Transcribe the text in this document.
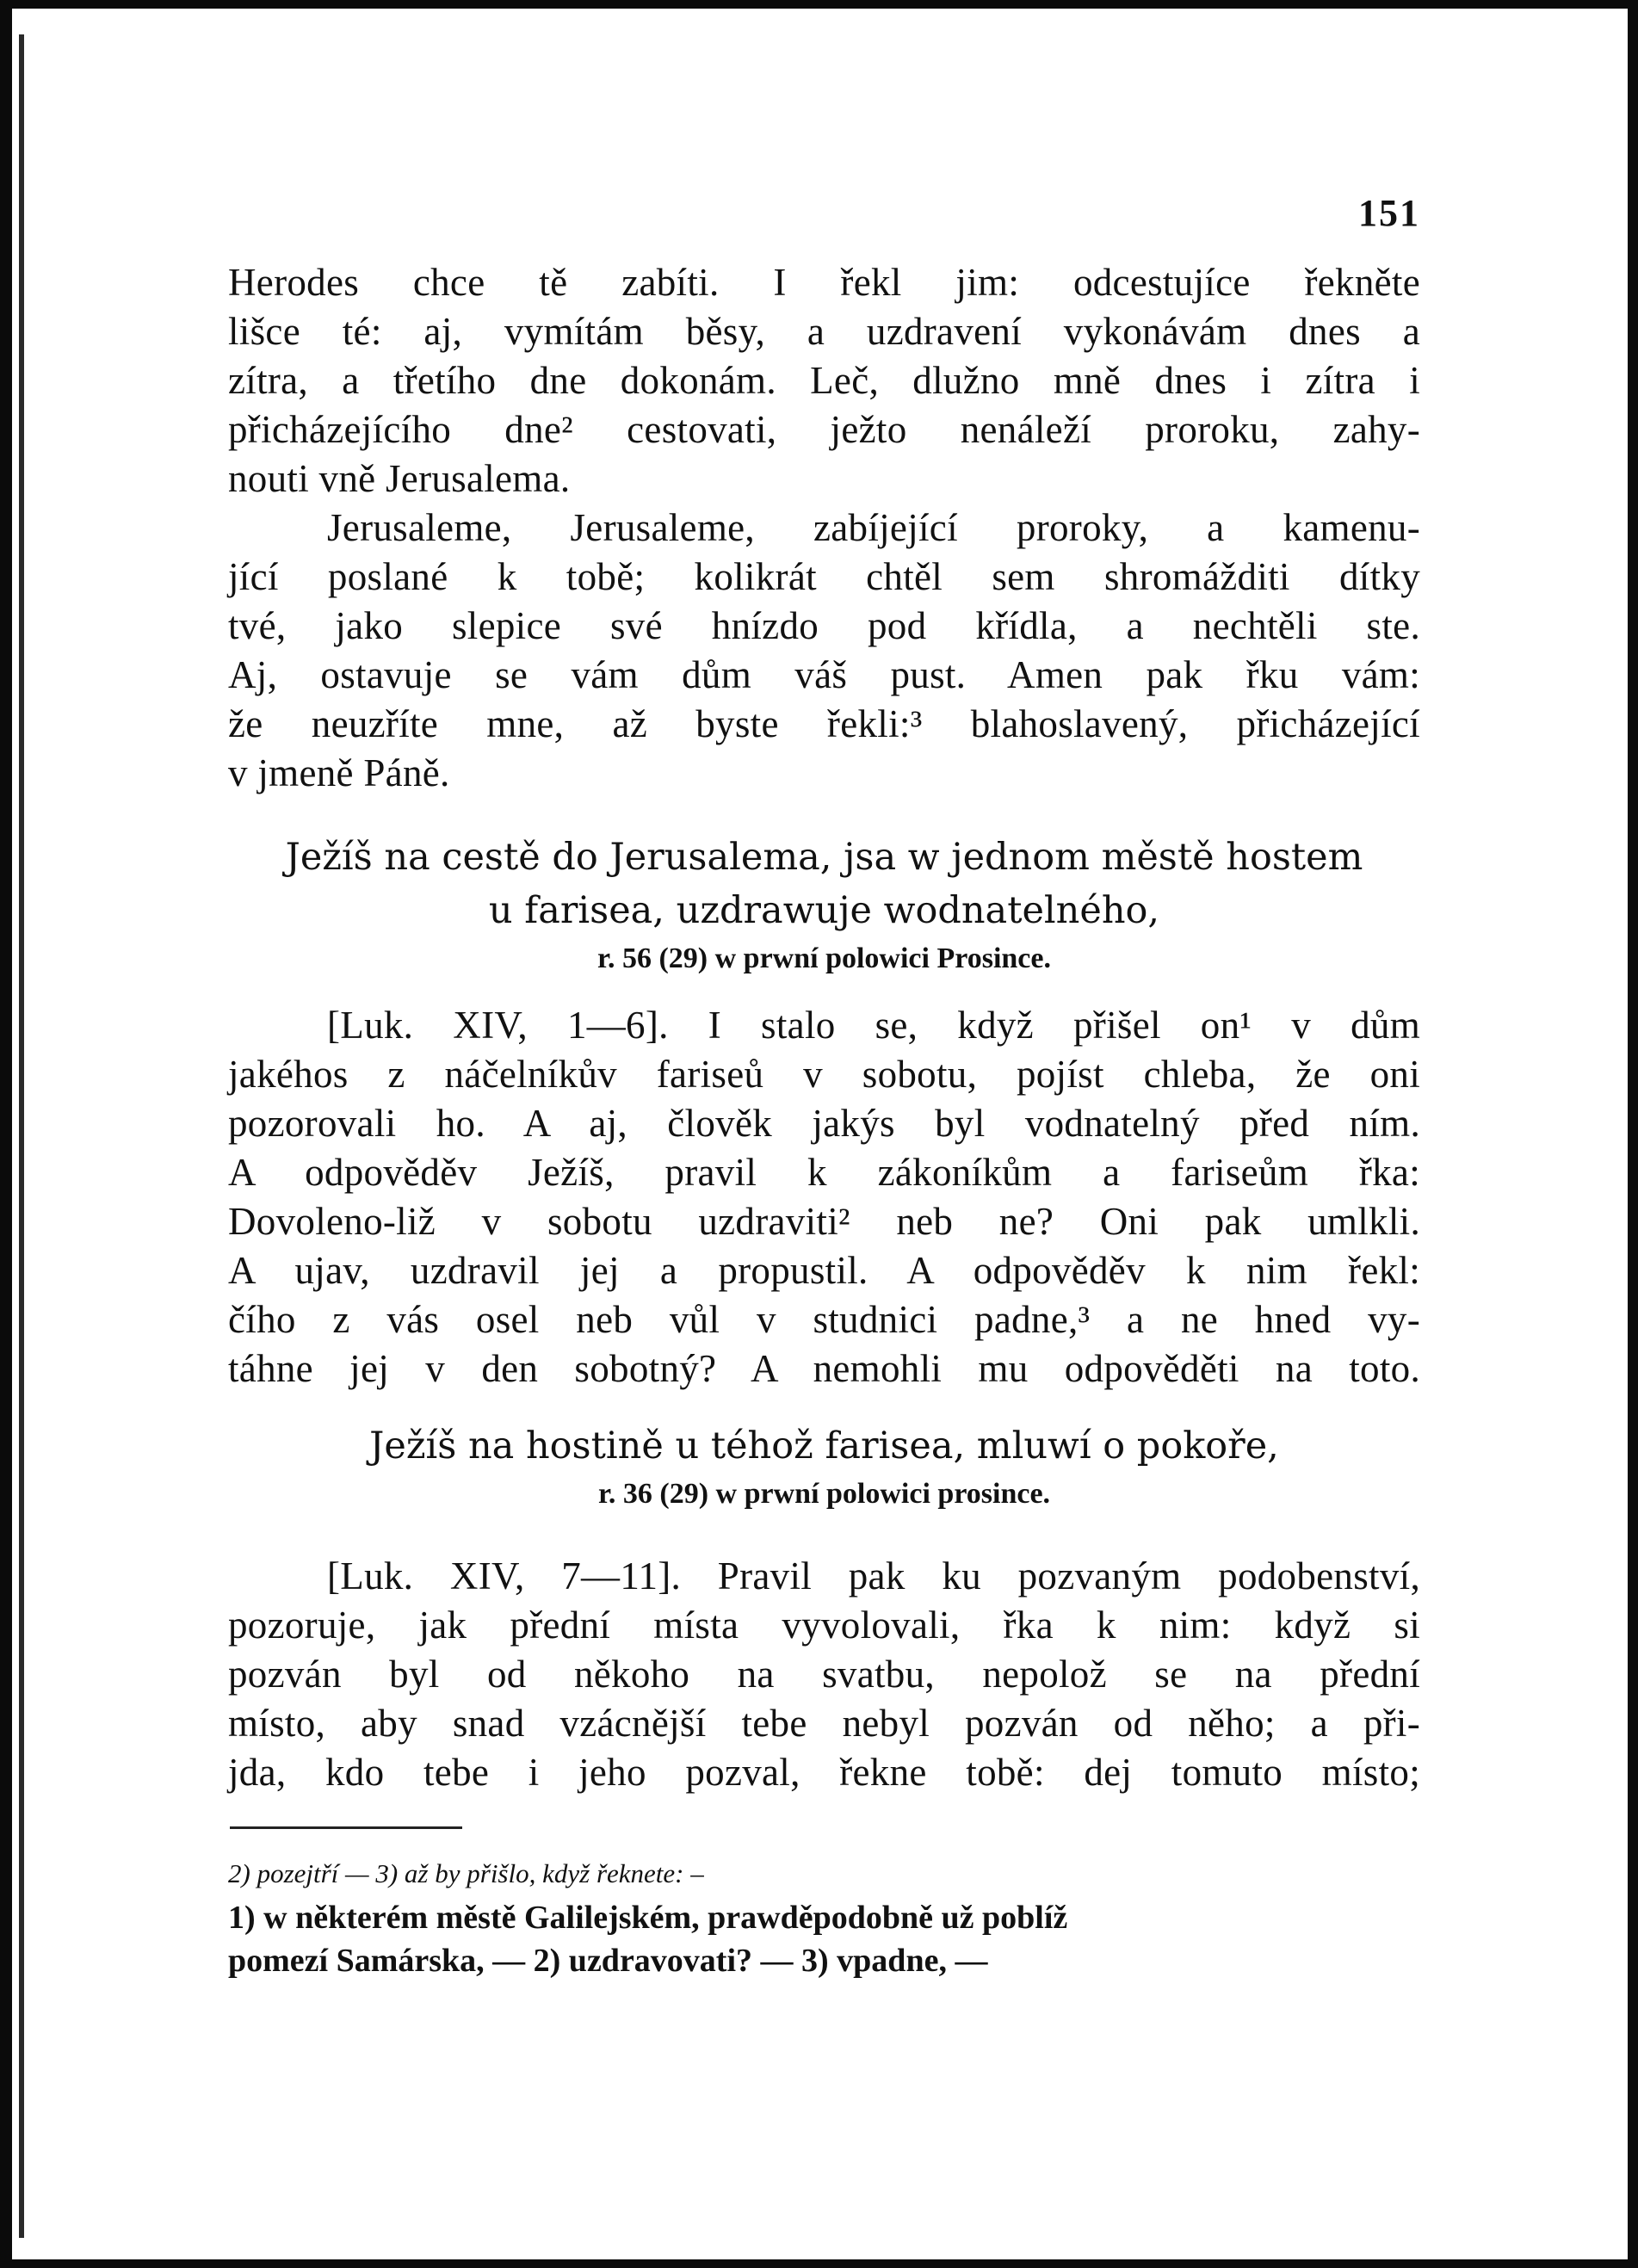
151

Herodes chce tě zabíti. I řekl jim: odcestujíce řekněte
lišce té: aj, vymítám běsy, a uzdravení vykonávám dnes a
zítra, a třetího dne dokonám. Leč, dlužno mně dnes i zítra i
přicházejícího dne² cestovati, ježto nenáleží proroku, zahy-
nouti vně Jerusalema.

Jerusaleme, Jerusaleme, zabíjející proroky, a kamenu-
jící poslané k tobě; kolikrát chtěl sem shromážditi dítky
tvé, jako slepice své hnízdo pod křídla, a nechtěli ste.
Aj, ostavuje se vám dům váš pust. Amen pak řku vám:
že neuzříte mne, až byste řekli:³ blahoslavený, přicházející
v jmeně Páně.

Ježíš na cestě do Jerusalema, jsa w jednom městě hostem
u farisea, uzdrawuje wodnatelného,

r. 56 (29) w prwní polowici Prosince.

[Luk. XIV, 1—6]. I stalo se, když přišel on¹ v dům
jakéhos z náčelníkův fariseů v sobotu, pojíst chleba, že oni
pozorovali ho. A aj, člověk jakýs byl vodnatelný před ním.
A odpověděv Ježíš, pravil k zákoníkům a fariseům řka:
Dovoleno-liž v sobotu uzdraviti² neb ne? Oni pak umlkli.
A ujav, uzdravil jej a propustil. A odpověděv k nim řekl:
čího z vás osel neb vůl v studnici padne,³ a ne hned vy-
táhne jej v den sobotný? A nemohli mu odpověděti na toto.

Ježíš na hostině u téhož farisea, mluwí o pokoře,

r. 36 (29) w prwní polowici prosince.

[Luk. XIV, 7—11]. Pravil pak ku pozvaným podobenství,
pozoruje, jak přední místa vyvolovali, řka k nim: když si
pozván byl od někoho na svatbu, nepolož se na přední
místo, aby snad vzácnější tebe nebyl pozván od něho; a při-
jda, kdo tebe i jeho pozval, řekne tobě: dej tomuto místo;

2) pozejtří — 3) až by přišlo, když řeknete: –
1) w některém městě Galilejském, prawděpodobně už poblíž
pomezí Samárska, — 2) uzdravovati? — 3) vpadne, —
